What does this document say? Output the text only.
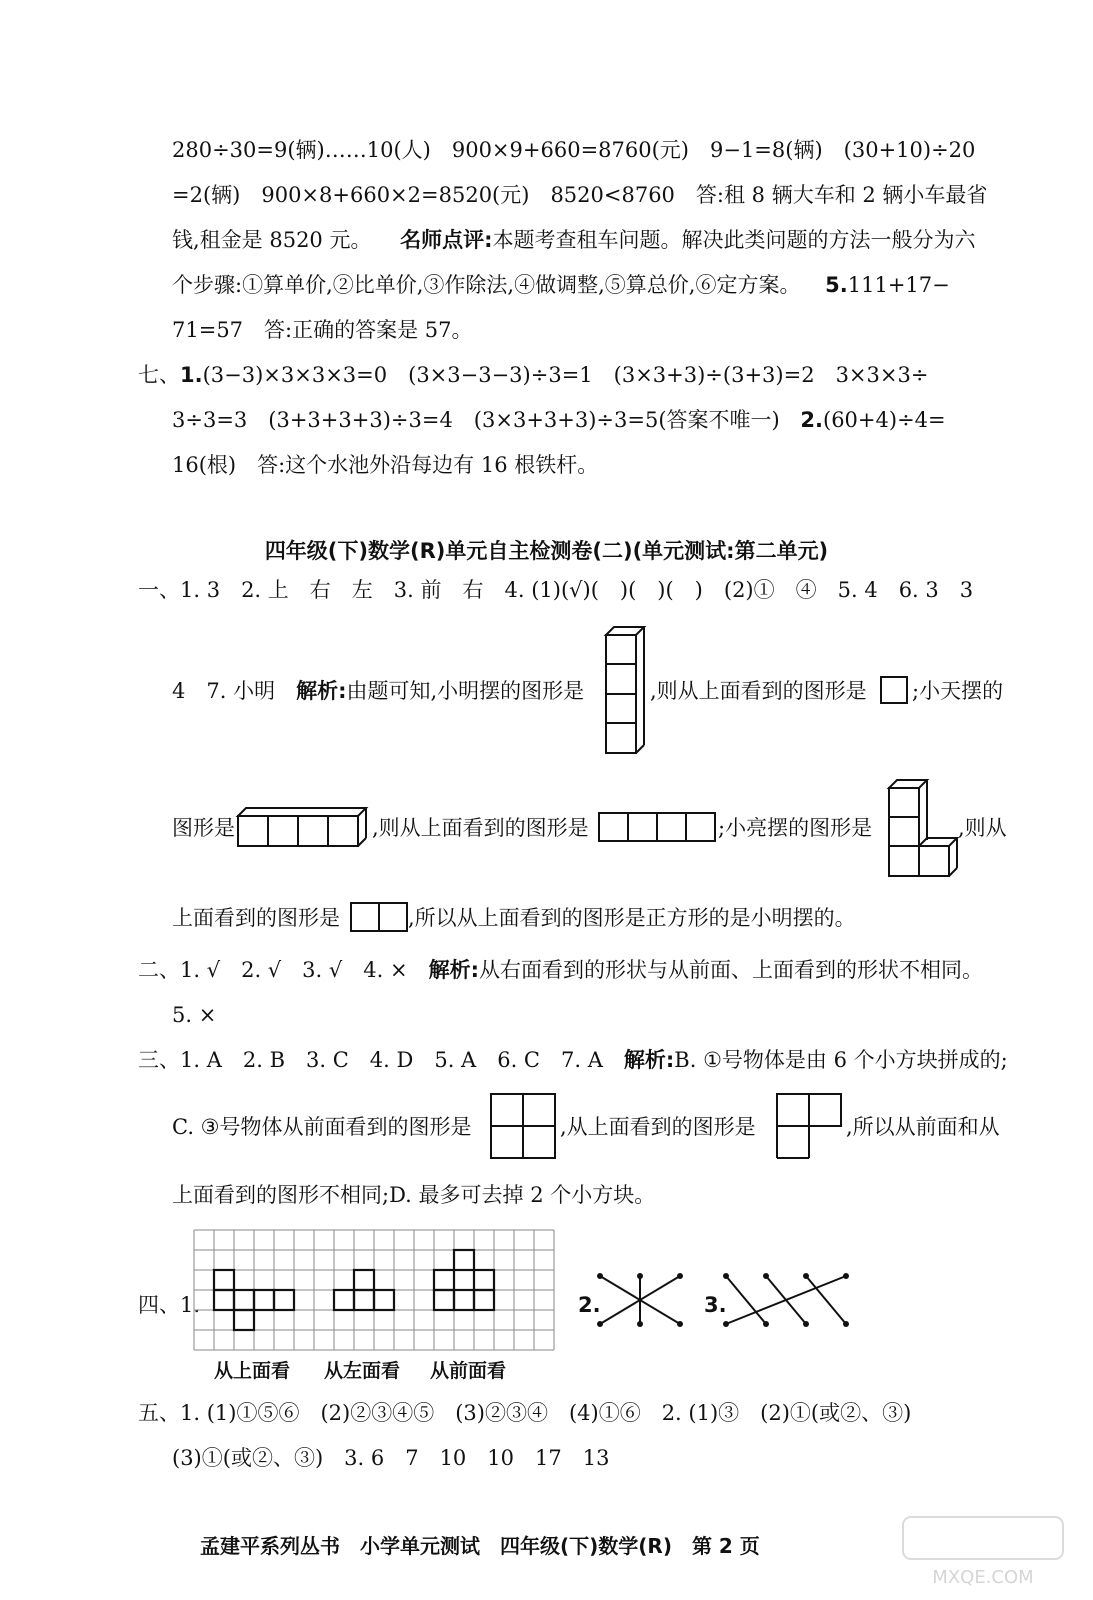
280÷30=9(辆)……10(人)　900×9+660=8760(元)　9−1=8(辆)　(30+10)÷20
=2(辆)　900×8+660×2=8520(元)　8520<8760　答:租 8 辆大车和 2 辆小车最省
钱,租金是 8520 元。 名师点评:本题考查租车问题。解决此类问题的方法一般分为六
个步骤:①算单价,②比单价,③作除法,④做调整,⑤算总价,⑥定方案。 5.111+17−
71=57　答:正确的答案是 57。
七、1.(3−3)×3×3×3=0　(3×3−3−3)÷3=1　(3×3+3)÷(3+3)=2　3×3×3÷
3÷3=3　(3+3+3+3)÷3=4　(3×3+3+3)÷3=5(答案不唯一) 2.(60+4)÷4=
16(根)　答:这个水池外沿每边有 16 根铁杆。
四年级(下)数学(R)单元自主检测卷(二)(单元测试:第二单元)
一、1. 3　2. 上　右　左　3. 前　右　4. (1)(√)(　)(　)(　)　(2)①　④　5. 4　6. 3　3
4　7. 小明　解析:由题可知,小明摆的图形是	,则从上面看到的图形是 ;小天摆的
图形是	,则从上面看到的图形是	;小亮摆的图形是	,则从
上面看到的图形是	,所以从上面看到的图形是正方形的是小明摆的。
二、1. √　2. √　3. √　4. ×　解析:从右面看到的形状与从前面、上面看到的形状不相同。
5. ×
三、1. A　2. B　3. C　4. D　5. A　6. C　7. A　解析:B. ①号物体是由 6 个小方块拼成的;
C. ③号物体从前面看到的图形是	,从上面看到的图形是	,所以从前面和从
上面看到的图形不相同;D. 最多可去掉 2 个小方块。
四、1.
从上面看 从左面看 从前面看
2.	3.
五、1. (1)①⑤⑥　(2)②③④⑤　(3)②③④　(4)①⑥　2. (1)③　(2)①(或②、③)
(3)①(或②、③)　3. 6　7　10　10　17　13
孟建平系列丛书　小学单元测试　四年级(下)数学(R)　第 2 页
MXQE.COM
